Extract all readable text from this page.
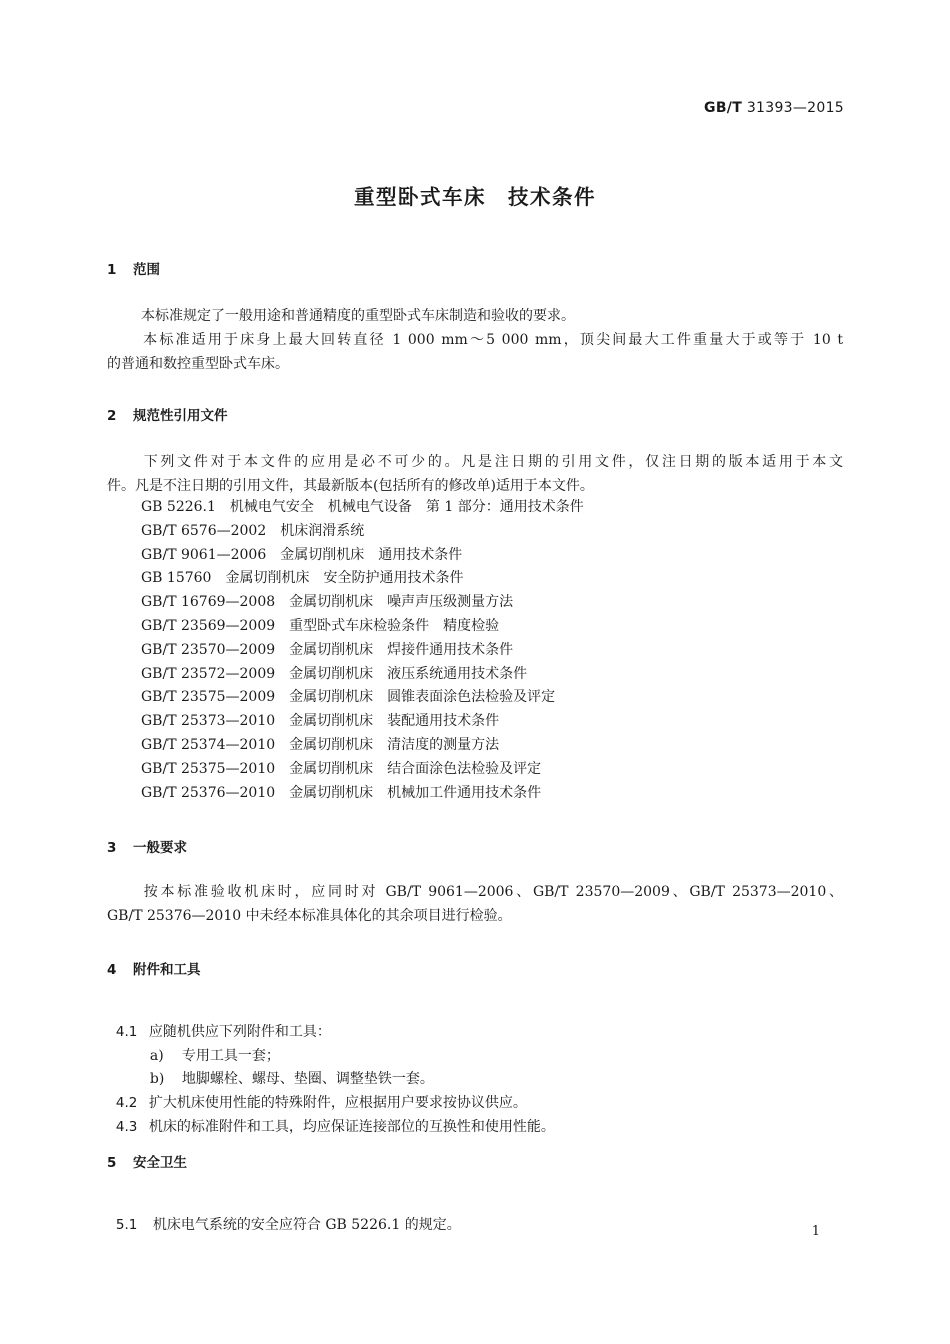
GB/T 31393—2015
重型卧式车床　技术条件
1 范围
本标准规定了一般用途和普通精度的重型卧式车床制造和验收的要求。
本标准适用于床身上最大回转直径 1 000 mm～5 000 mm，顶尖间最大工件重量大于或等于 10 t
的普通和数控重型卧式车床。
2 规范性引用文件
下列文件对于本文件的应用是必不可少的。凡是注日期的引用文件，仅注日期的版本适用于本文
件。凡是不注日期的引用文件，其最新版本(包括所有的修改单)适用于本文件。
GB 5226.1　机械电气安全　机械电气设备　第 1 部分：通用技术条件
GB/T 6576—2002　机床润滑系统
GB/T 9061—2006　金属切削机床　通用技术条件
GB 15760　金属切削机床　安全防护通用技术条件
GB/T 16769—2008　金属切削机床　噪声声压级测量方法
GB/T 23569—2009　重型卧式车床检验条件　精度检验
GB/T 23570—2009　金属切削机床　焊接件通用技术条件
GB/T 23572—2009　金属切削机床　液压系统通用技术条件
GB/T 23575—2009　金属切削机床　圆锥表面涂色法检验及评定
GB/T 25373—2010　金属切削机床　装配通用技术条件
GB/T 25374—2010　金属切削机床　清洁度的测量方法
GB/T 25375—2010　金属切削机床　结合面涂色法检验及评定
GB/T 25376—2010　金属切削机床　机械加工件通用技术条件
3 一般要求
按本标准验收机床时，应同时对 GB/T 9061—2006、GB/T 23570—2009、GB/T 25373—2010、
GB/T 25376—2010 中未经本标准具体化的其余项目进行检验。
4 附件和工具

4.1 应随机供应下列附件和工具：

a) 专用工具一套；

b) 地脚螺栓、螺母、垫圈、调整垫铁一套。

4.2 扩大机床使用性能的特殊附件，应根据用户要求按协议供应。

4.3 机床的标准附件和工具，均应保证连接部位的互换性和使用性能。

5 安全卫生

5.1 机床电气系统的安全应符合 GB 5226.1 的规定。	1
